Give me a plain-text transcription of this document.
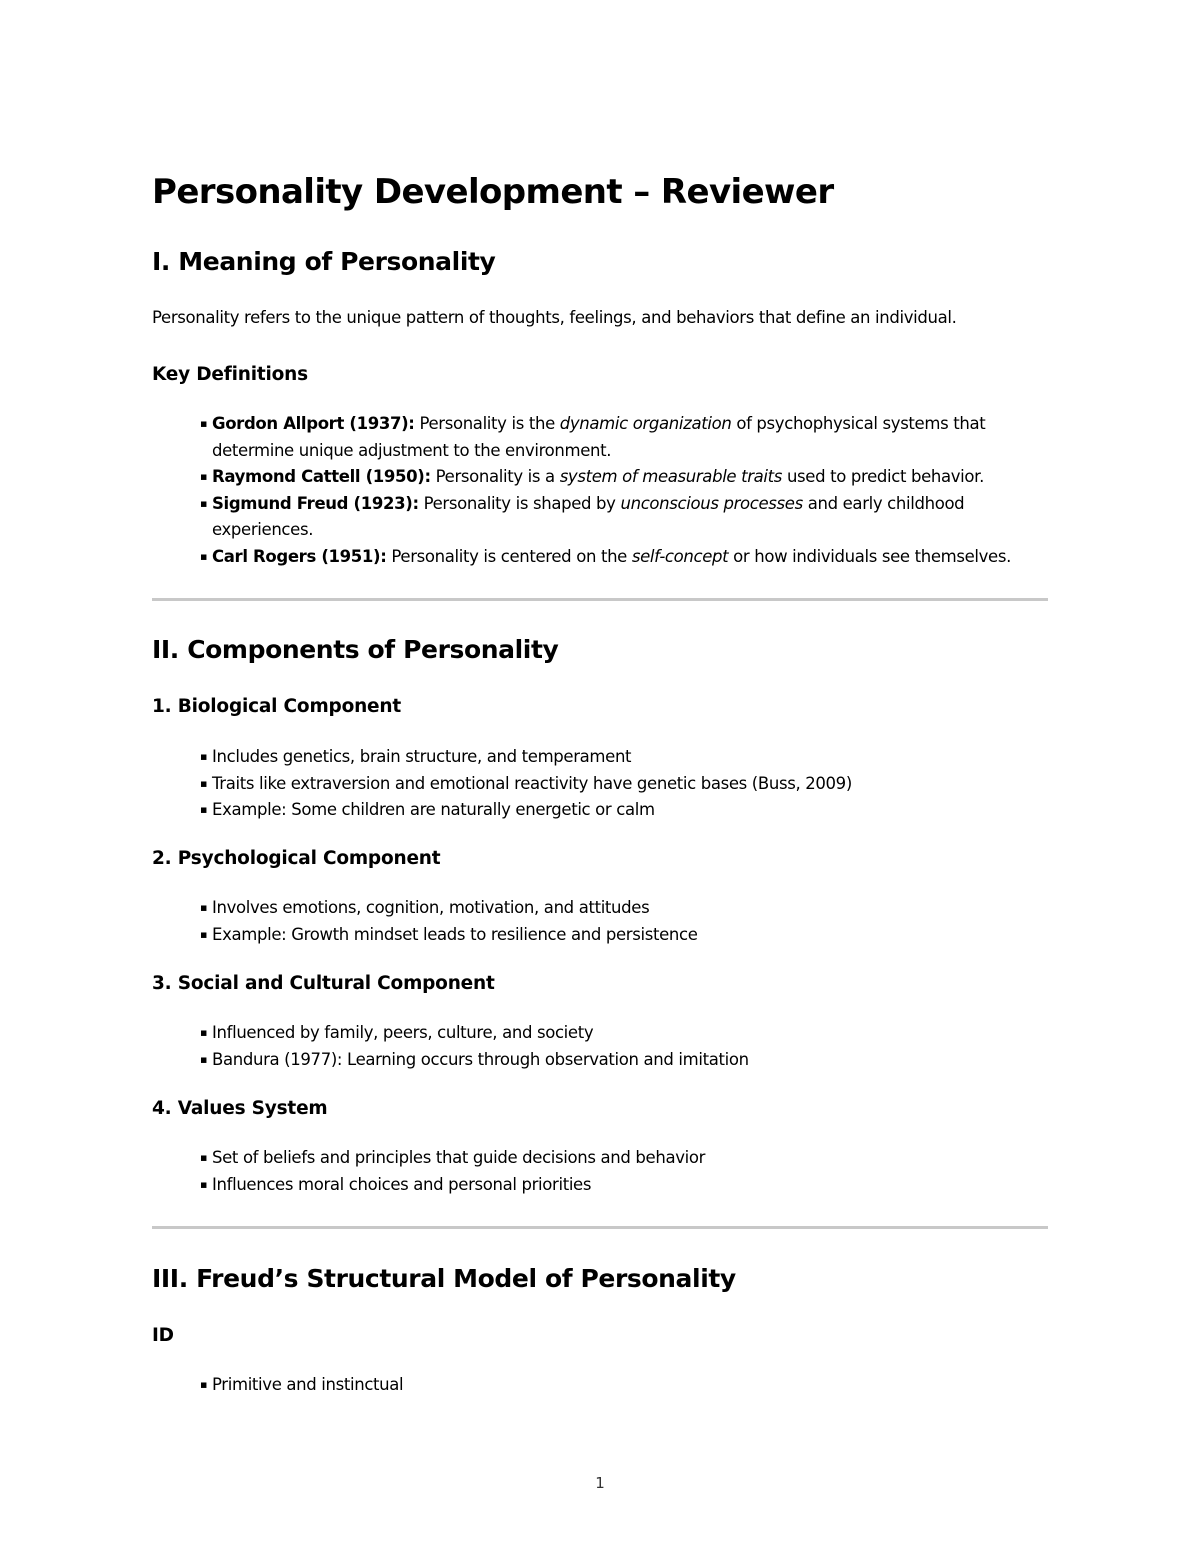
Personality Development – Reviewer
I. Meaning of Personality

Personality refers to the unique pattern of thoughts, feelings, and behaviors that define an individual.

Key Definitions
▪ Gordon Allport (1937): Personality is the dynamic organization of psychophysical systems that
determine unique adjustment to the environment.
▪ Raymond Cattell (1950): Personality is a system of measurable traits used to predict behavior.
▪ Sigmund Freud (1923): Personality is shaped by unconscious processes and early childhood
experiences.
▪ Carl Rogers (1951): Personality is centered on the self-concept or how individuals see themselves.
II. Components of Personality
1. Biological Component
▪ Includes genetics, brain structure, and temperament
▪ Traits like extraversion and emotional reactivity have genetic bases (Buss, 2009)
▪ Example: Some children are naturally energetic or calm
2. Psychological Component
▪ Involves emotions, cognition, motivation, and attitudes
▪ Example: Growth mindset leads to resilience and persistence
3. Social and Cultural Component
▪ Influenced by family, peers, culture, and society
▪ Bandura (1977): Learning occurs through observation and imitation
4. Values System
▪ Set of beliefs and principles that guide decisions and behavior
▪ Influences moral choices and personal priorities
III. Freud’s Structural Model of Personality
ID
▪ Primitive and instinctual
1
